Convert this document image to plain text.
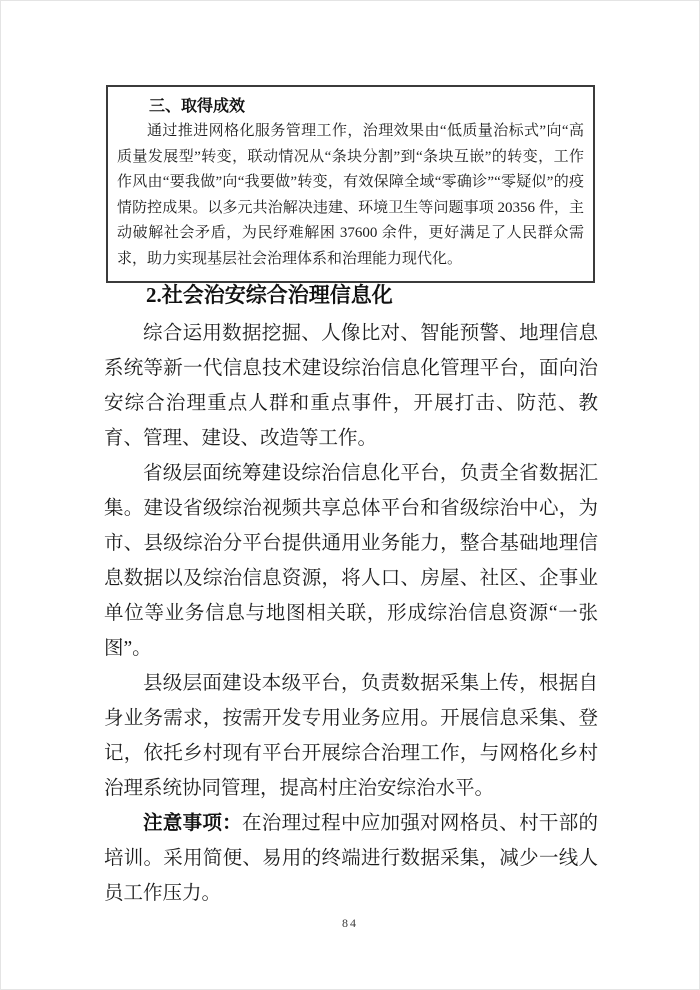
三、取得成效

通过推进网格化服务管理工作，治理效果由“低质量治标式”向“高质量发展型”转变，联动情况从“条块分割”到“条块互嵌”的转变，工作作风由“要我做”向“我要做”转变，有效保障全域“零确诊”“零疑似”的疫情防控成果。以多元共治解决违建、环境卫生等问题事项 20356 件，主动破解社会矛盾，为民纾难解困 37600 余件，更好满足了人民群众需求，助力实现基层社会治理体系和治理能力现代化。

2.社会治安综合治理信息化

综合运用数据挖掘、人像比对、智能预警、地理信息系统等新一代信息技术建设综治信息化管理平台，面向治安综合治理重点人群和重点事件，开展打击、防范、教育、管理、建设、改造等工作。

省级层面统筹建设综治信息化平台，负责全省数据汇集。建设省级综治视频共享总体平台和省级综治中心，为市、县级综治分平台提供通用业务能力，整合基础地理信息数据以及综治信息资源，将人口、房屋、社区、企事业单位等业务信息与地图相关联，形成综治信息资源“一张图”。

县级层面建设本级平台，负责数据采集上传，根据自身业务需求，按需开发专用业务应用。开展信息采集、登记，依托乡村现有平台开展综合治理工作，与网格化乡村治理系统协同管理，提高村庄治安综治水平。

注意事项：在治理过程中应加强对网格员、村干部的培训。采用简便、易用的终端进行数据采集，减少一线人员工作压力。

84
